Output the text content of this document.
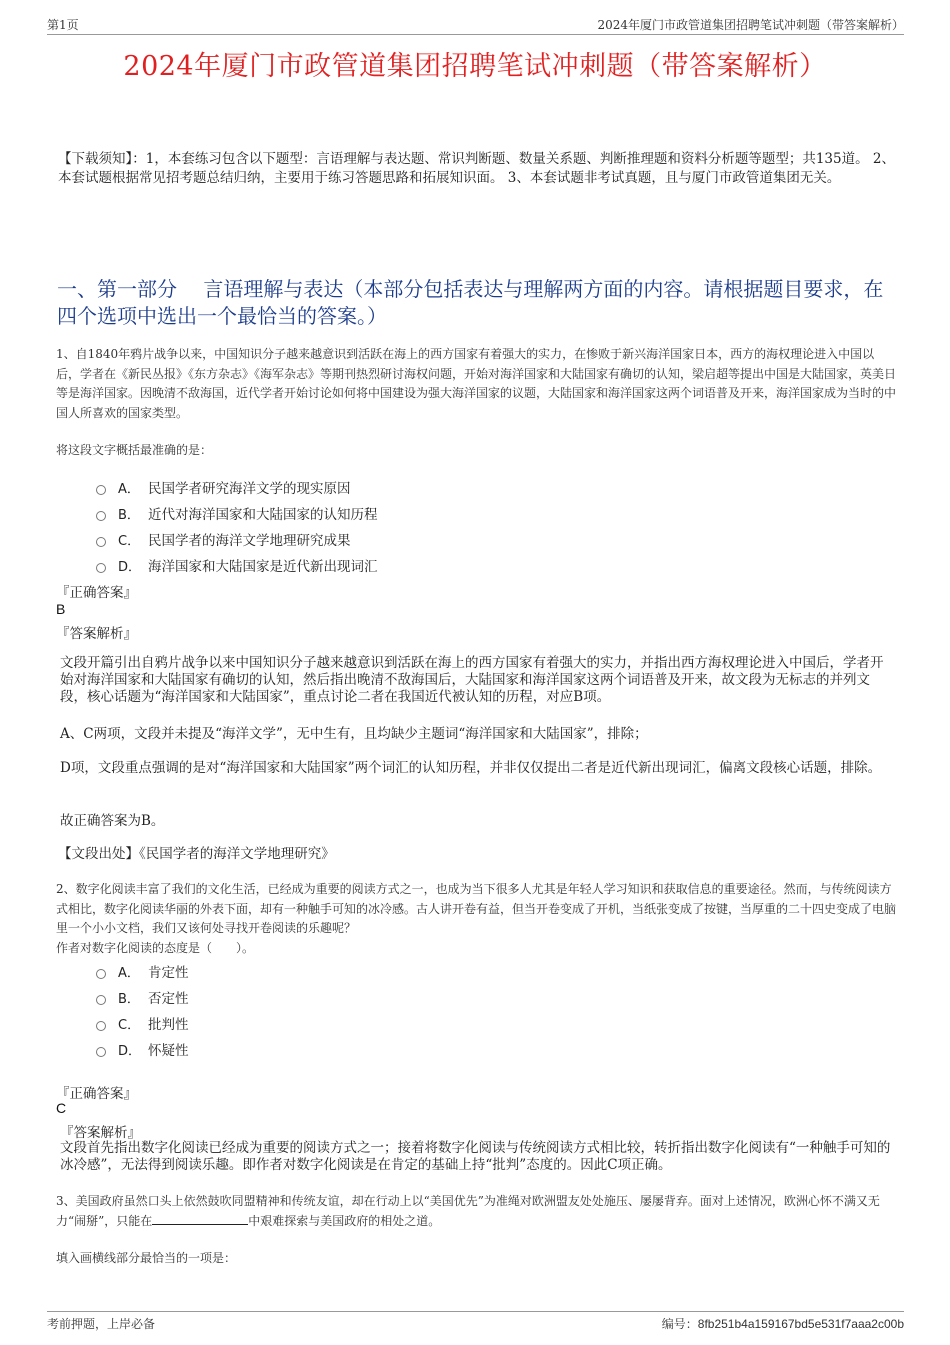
第1页	2024年厦门市政管道集团招聘笔试冲刺题（带答案解析）
2024年厦门市政管道集团招聘笔试冲刺题（带答案解析）
【下载须知】：1，本套练习包含以下题型：言语理解与表达题、常识判断题、数量关系题、判断推理题和资料分析题等题型；共135道。 2、本套试题根据常见招考题总结归纳，主要用于练习答题思路和拓展知识面。 3、本套试题非考试真题，且与厦门市政管道集团无关。
一、第一部分　 言语理解与表达（本部分包括表达与理解两方面的内容。请根据题目要求，在四个选项中选出一个最恰当的答案。）
1、自1840年鸦片战争以来，中国知识分子越来越意识到活跃在海上的西方国家有着强大的实力，在惨败于新兴海洋国家日本，西方的海权理论进入中国以后，学者在《新民丛报》《东方杂志》《海军杂志》等期刊热烈研讨海权问题，开始对海洋国家和大陆国家有确切的认知，梁启超等提出中国是大陆国家，英美日等是海洋国家。因晚清不敌海国，近代学者开始讨论如何将中国建设为强大海洋国家的议题，大陆国家和海洋国家这两个词语普及开来，海洋国家成为当时的中国人所喜欢的国家类型。
将这段文字概括最准确的是：
A． 民国学者研究海洋文学的现实原因
B． 近代对海洋国家和大陆国家的认知历程
C． 民国学者的海洋文学地理研究成果
D． 海洋国家和大陆国家是近代新出现词汇
『正确答案』
B
『答案解析』
文段开篇引出自鸦片战争以来中国知识分子越来越意识到活跃在海上的西方国家有着强大的实力，并指出西方海权理论进入中国后，学者开始对海洋国家和大陆国家有确切的认知，然后指出晚清不敌海国后，大陆国家和海洋国家这两个词语普及开来，故文段为无标志的并列文段，核心话题为“海洋国家和大陆国家”，重点讨论二者在我国近代被认知的历程，对应B项。
A、C两项，文段并未提及“海洋文学”，无中生有，且均缺少主题词“海洋国家和大陆国家”，排除；
D项，文段重点强调的是对“海洋国家和大陆国家”两个词汇的认知历程，并非仅仅提出二者是近代新出现词汇，偏离文段核心话题，排除。
故正确答案为B。
【文段出处】《民国学者的海洋文学地理研究》
2、数字化阅读丰富了我们的文化生活，已经成为重要的阅读方式之一，也成为当下很多人尤其是年轻人学习知识和获取信息的重要途径。然而，与传统阅读方式相比，数字化阅读华丽的外表下面，却有一种触手可知的冰冷感。古人讲开卷有益，但当开卷变成了开机，当纸张变成了按键，当厚重的二十四史变成了电脑里一个小小文档，我们又该何处寻找开卷阅读的乐趣呢？
作者对数字化阅读的态度是（　　）。
A． 肯定性
B． 否定性
C． 批判性
D． 怀疑性
『正确答案』
C
『答案解析』
文段首先指出数字化阅读已经成为重要的阅读方式之一；接着将数字化阅读与传统阅读方式相比较，转折指出数字化阅读有“一种触手可知的冰冷感”，无法得到阅读乐趣。即作者对数字化阅读是在肯定的基础上持“批判”态度的。因此C项正确。
3、美国政府虽然口头上依然鼓吹同盟精神和传统友谊，却在行动上以“美国优先”为准绳对欧洲盟友处处施压、屡屡背弃。面对上述情况，欧洲心怀不满又无力“闹掰”，只能在	中艰难探索与美国政府的相处之道。
填入画横线部分最恰当的一项是：
考前押题，上岸必备	编号：8fb251b4a159167bd5e531f7aaa2c00b
